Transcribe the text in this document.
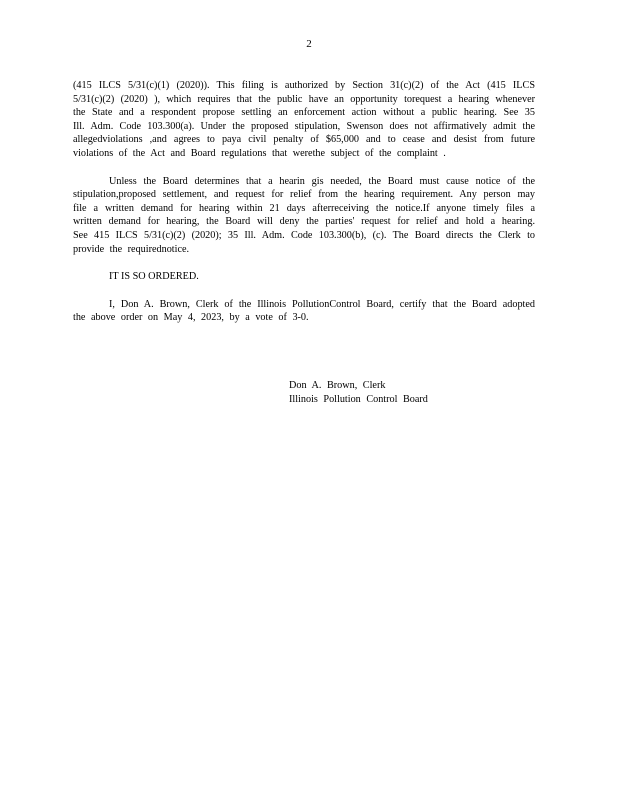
2

(415 ILCS 5/31(c)(1) (2020)). This filing is authorized by Section 31(c)(2) of the Act (415 ILCS 5/31(c)(2) (2020) ), which requires that the public have an opportunity torequest a hearing whenever the State and a respondent propose settling an enforcement action without a public hearing. See 35 Ill. Adm. Code 103.300(a). Under the proposed stipulation, Swenson does not affirmatively admit the allegedviolations ,and agrees to paya civil penalty of $65,000 and to cease and desist from future violations of the Act and Board regulations that werethe subject of the complaint .

Unless the Board determines that a hearin gis needed, the Board must cause notice of the stipulation,proposed settlement, and request for relief from the hearing requirement. Any person may file a written demand for hearing within 21 days afterreceiving the notice.If anyone timely files a written demand for hearing, the Board will deny the parties' request for relief and hold a hearing. See 415 ILCS 5/31(c)(2) (2020); 35 Ill. Adm. Code 103.300(b), (c). The Board directs the Clerk to provide the requirednotice.

IT IS SO ORDERED.

I, Don A. Brown, Clerk of the Illinois PollutionControl Board, certify that the Board adopted the above order on May 4, 2023, by a vote of 3-0.

Don A. Brown, Clerk
Illinois Pollution Control Board
